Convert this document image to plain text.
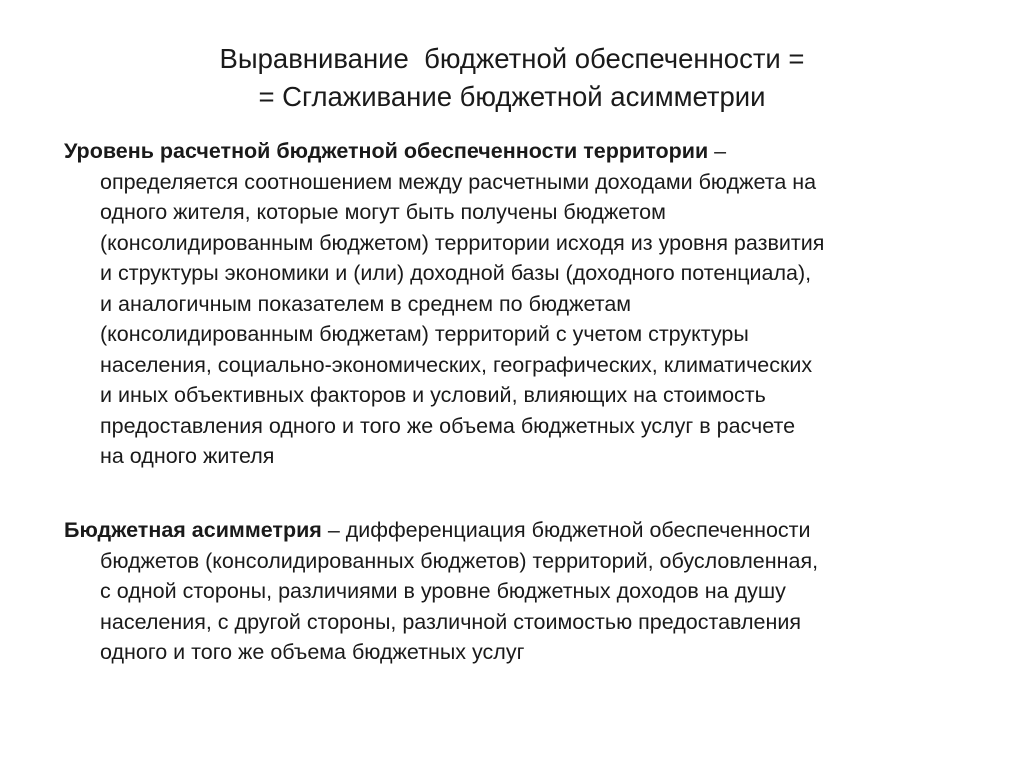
Выравнивание  бюджетной обеспеченности =
= Сглаживание бюджетной асимметрии
Уровень расчетной бюджетной обеспеченности территории –
определяется соотношением между расчетными доходами бюджета на
одного жителя, которые могут быть получены бюджетом
(консолидированным бюджетом) территории исходя из уровня развития
и структуры экономики и (или) доходной базы (доходного потенциала),
и аналогичным показателем в среднем по бюджетам
(консолидированным бюджетам) территорий с учетом структуры
населения, социально-экономических, географических, климатических
и иных объективных факторов и условий, влияющих на стоимость
предоставления одного и того же объема бюджетных услуг в расчете
на одного жителя
Бюджетная асимметрия – дифференциация бюджетной обеспеченности
бюджетов (консолидированных бюджетов) территорий, обусловленная,
с одной стороны, различиями в уровне бюджетных доходов на душу
населения, с другой стороны, различной стоимостью предоставления
одного и того же объема бюджетных услуг
